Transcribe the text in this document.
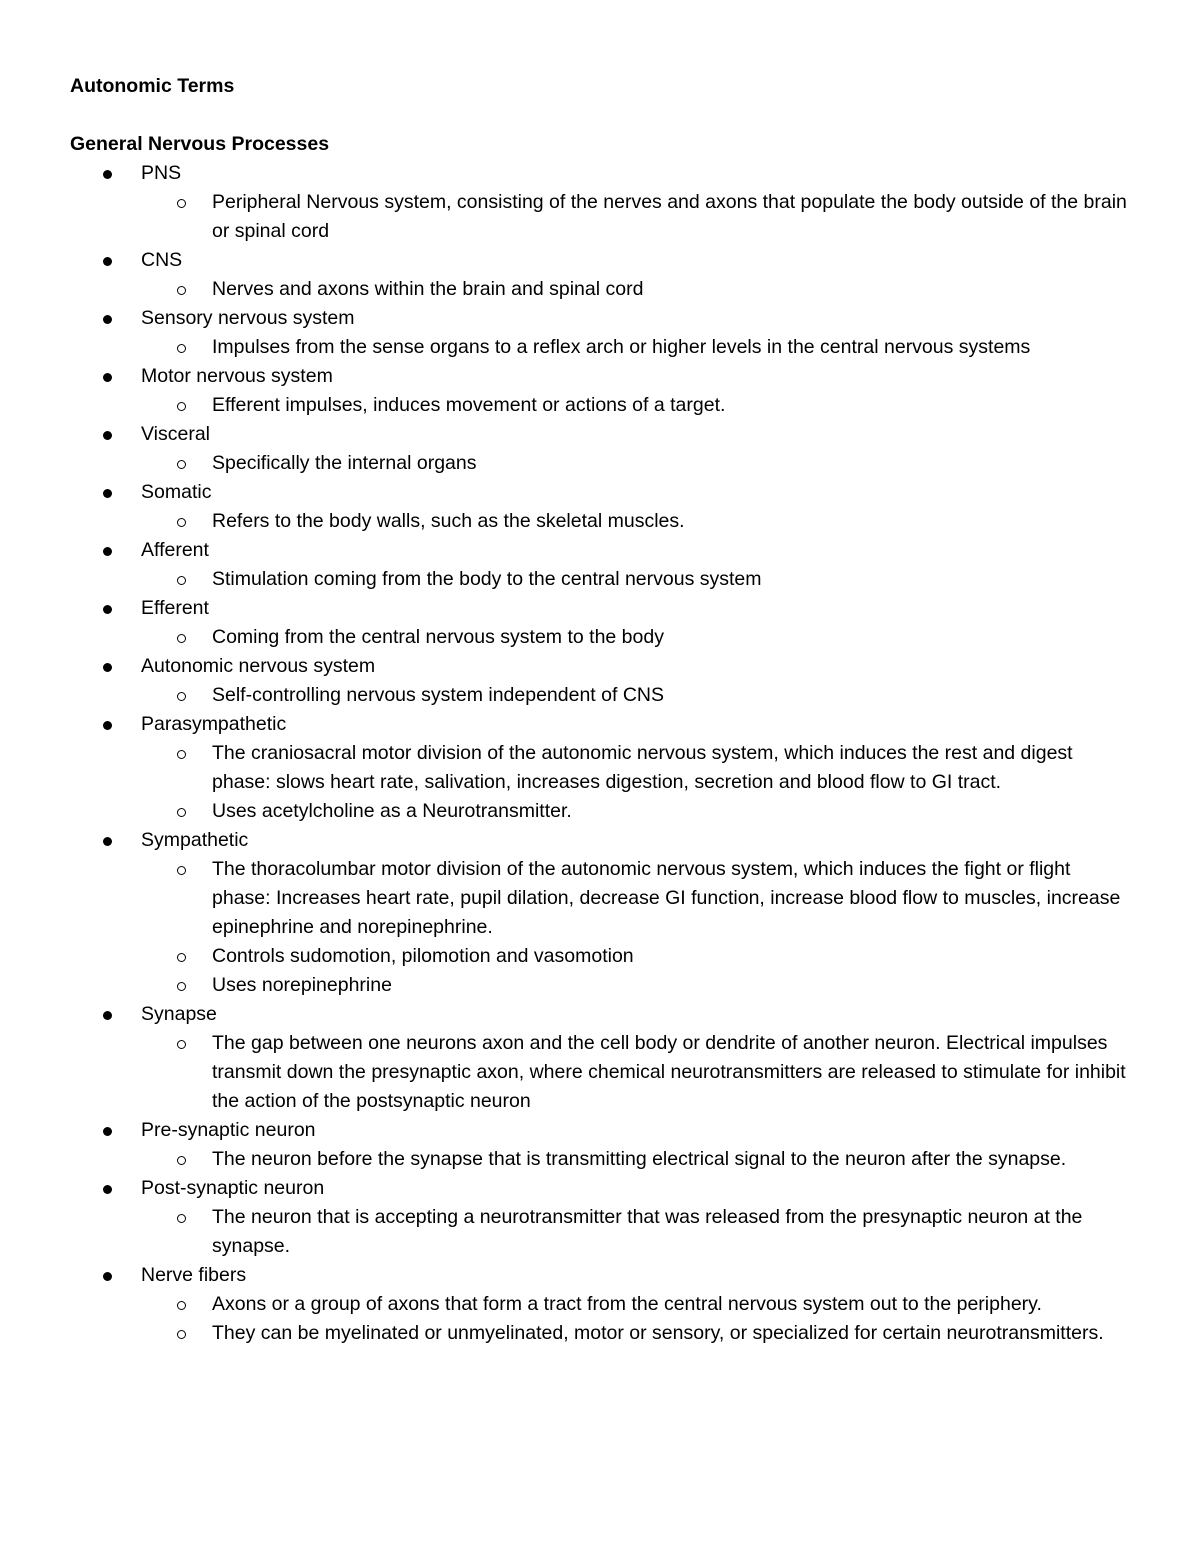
Autonomic Terms

General Nervous Processes

PNS
Peripheral Nervous system, consisting of the nerves and axons that populate the body outside of the brain or spinal cord
CNS
Nerves and axons within the brain and spinal cord
Sensory nervous system
Impulses from the sense organs to a reflex arch or higher levels in the central nervous systems
Motor nervous system
Efferent impulses, induces movement or actions of a target.
Visceral
Specifically the internal organs
Somatic
Refers to the body walls, such as the skeletal muscles.
Afferent
Stimulation coming from the body to the central nervous system
Efferent
Coming from the central nervous system to the body
Autonomic nervous system
Self-controlling nervous system independent of CNS
Parasympathetic
The craniosacral motor division of the autonomic nervous system, which induces the rest and digest phase: slows heart rate, salivation, increases digestion, secretion and blood flow to GI tract.
Uses acetylcholine as a Neurotransmitter.
Sympathetic
The thoracolumbar motor division of the autonomic nervous system, which induces the fight or flight phase: Increases heart rate, pupil dilation, decrease GI function, increase blood flow to muscles, increase epinephrine and norepinephrine.
Controls sudomotion, pilomotion and vasomotion
Uses norepinephrine
Synapse
The gap between one neurons axon and the cell body or dendrite of another neuron. Electrical impulses transmit down the presynaptic axon, where chemical neurotransmitters are released to stimulate for inhibit the action of the postsynaptic neuron
Pre-synaptic neuron
The neuron before the synapse that is transmitting electrical signal to the neuron after the synapse.
Post-synaptic neuron
The neuron that is accepting a neurotransmitter that was released from the presynaptic neuron at the synapse.
Nerve fibers
Axons or a group of axons that form a tract from the central nervous system out to the periphery.
They can be myelinated or unmyelinated, motor or sensory, or specialized for certain neurotransmitters.
